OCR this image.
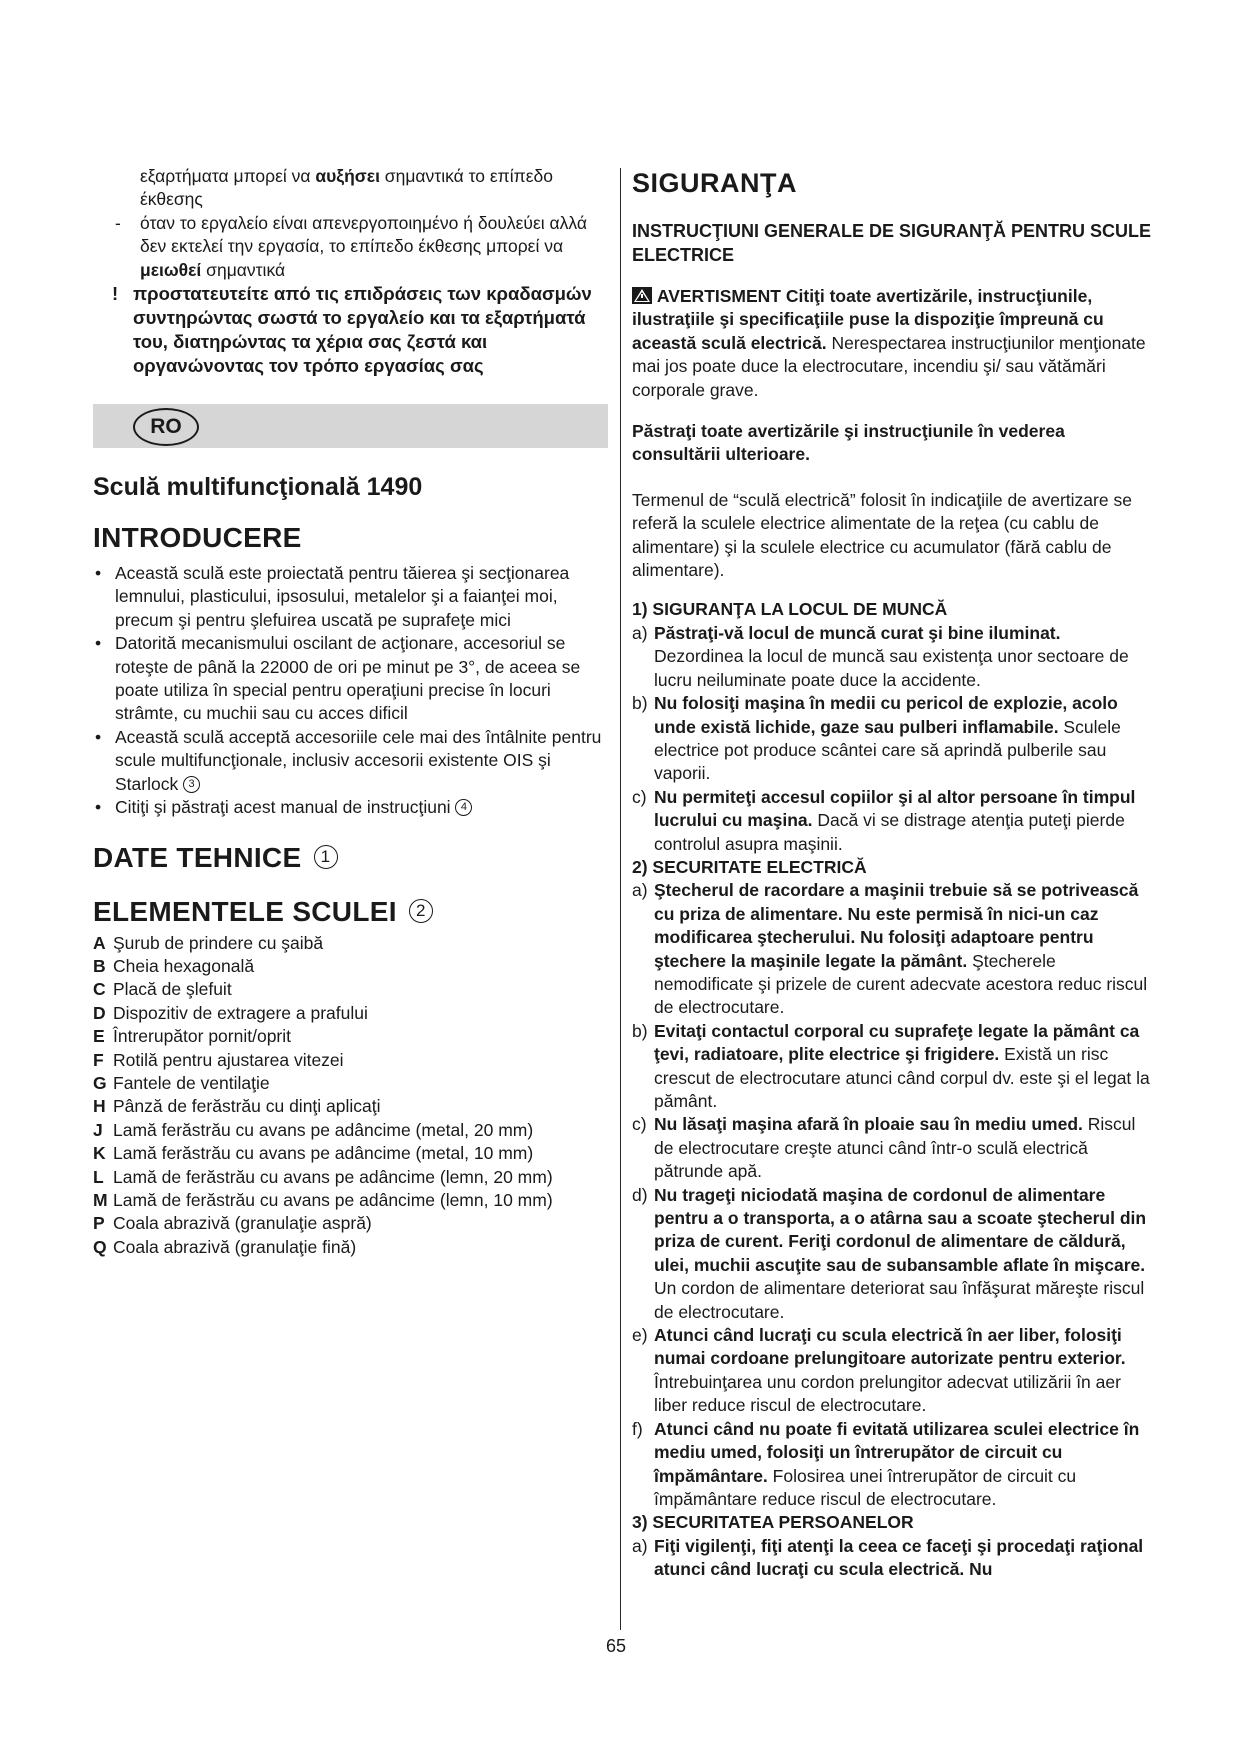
εξαρτήματα μπορεί να αυξήσει σημαντικά το επίπεδο έκθεσης

- όταν το εργαλείο είναι απενεργοποιημένο ή δουλεύει αλλά δεν εκτελεί την εργασία, το επίπεδο έκθεσης μπορεί να μειωθεί σημαντικά

! προστατευτείτε από τις επιδράσεις των κραδασμών συντηρώντας σωστά το εργαλείο και τα εξαρτήματά του, διατηρώντας τα χέρια σας ζεστά και οργανώνοντας τον τρόπο εργασίας σας

RO
Sculă multifuncţională 1490
INTRODUCERE
• Această sculă este proiectată pentru tăierea şi secţionarea lemnului, plasticului, ipsosului, metalelor şi a faianţei moi, precum şi pentru şlefuirea uscată pe suprafeţe mici
• Datorită mecanismului oscilant de acţionare, accesoriul se roteşte de până la 22000 de ori pe minut pe 3°, de aceea se poate utiliza în special pentru operaţiuni precise în locuri strâmte, cu muchii sau cu acces dificil
• Această sculă acceptă accesoriile cele mai des întâlnite pentru scule multifuncţionale, inclusiv accesorii existente OIS şi Starlock 3
• Citiţi şi păstraţi acest manual de instrucţiuni 4
DATE TEHNICE 1
ELEMENTELE SCULEI 2
A Şurub de prindere cu şaibă
B Cheia hexagonală
C Placă de şlefuit
D Dispozitiv de extragere a prafului
E Întrerupător pornit/oprit
F Rotilă pentru ajustarea vitezei
G Fantele de ventilaţie
H Pânză de ferăstrău cu dinţi aplicaţi
J Lamă ferăstrău cu avans pe adâncime (metal, 20 mm)
K Lamă ferăstrău cu avans pe adâncime (metal, 10 mm)
L Lamă de ferăstrău cu avans pe adâncime (lemn, 20 mm)
M Lamă de ferăstrău cu avans pe adâncime (lemn, 10 mm)
P Coala abrazivă (granulaţie aspră)
Q Coala abrazivă (granulaţie fină)
SIGURANŢA
INSTRUCŢIUNI GENERALE DE SIGURANŢĂ PENTRU SCULE ELECTRICE

AVERTISMENT Citiţi toate avertizările, instrucţiunile, ilustraţiile şi specificaţiile puse la dispoziţie împreună cu această sculă electrică. Nerespectarea instrucţiunilor menţionate mai jos poate duce la electrocutare, incendiu şi/ sau vătămări corporale grave.

Păstraţi toate avertizările şi instrucţiunile în vederea consultării ulterioare.

Termenul de “sculă electrică” folosit în indicaţiile de avertizare se referă la sculele electrice alimentate de la reţea (cu cablu de alimentare) şi la sculele electrice cu acumulator (fără cablu de alimentare).

1) SIGURANŢA LA LOCUL DE MUNCĂ

a) Păstraţi-vă locul de muncă curat şi bine iluminat. Dezordinea la locul de muncă sau existenţa unor sectoare de lucru neiluminate poate duce la accidente.

b) Nu folosiţi maşina în medii cu pericol de explozie, acolo unde există lichide, gaze sau pulberi inflamabile. Sculele electrice pot produce scântei care să aprindă pulberile sau vaporii.

c) Nu permiteţi accesul copiilor şi al altor persoane în timpul lucrului cu maşina. Dacă vi se distrage atenţia puteţi pierde controlul asupra maşinii.

2) SECURITATE ELECTRICĂ

a) Ştecherul de racordare a maşinii trebuie să se potrivească cu priza de alimentare. Nu este permisă în nici-un caz modificarea ştecherului. Nu folosiţi adaptoare pentru ştechere la maşinile legate la pământ. Ştecherele nemodificate şi prizele de curent adecvate acestora reduc riscul de electrocutare.

b) Evitaţi contactul corporal cu suprafeţe legate la pământ ca ţevi, radiatoare, plite electrice şi frigidere. Există un risc crescut de electrocutare atunci când corpul dv. este şi el legat la pământ.

c) Nu lăsaţi maşina afară în ploaie sau în mediu umed. Riscul de electrocutare creşte atunci când într-o sculă electrică pătrunde apă.

d) Nu trageţi niciodată maşina de cordonul de alimentare pentru a o transporta, a o atârna sau a scoate ştecherul din priza de curent. Feriţi cordonul de alimentare de căldură, ulei, muchii ascuţite sau de subansamble aflate în mişcare. Un cordon de alimentare deteriorat sau înfăşurat măreşte riscul de electrocutare.

e) Atunci când lucraţi cu scula electrică în aer liber, folosiţi numai cordoane prelungitoare autorizate pentru exterior. Întrebuinţarea unu cordon prelungitor adecvat utilizării în aer liber reduce riscul de electrocutare.

f) Atunci când nu poate fi evitată utilizarea sculei electrice în mediu umed, folosiţi un întrerupător de circuit cu împământare. Folosirea unei întrerupător de circuit cu împământare reduce riscul de electrocutare.

3) SECURITATEA PERSOANELOR

a) Fiţi vigilenţi, fiţi atenţi la ceea ce faceţi şi procedaţi raţional atunci când lucraţi cu scula electrică. Nu

65
